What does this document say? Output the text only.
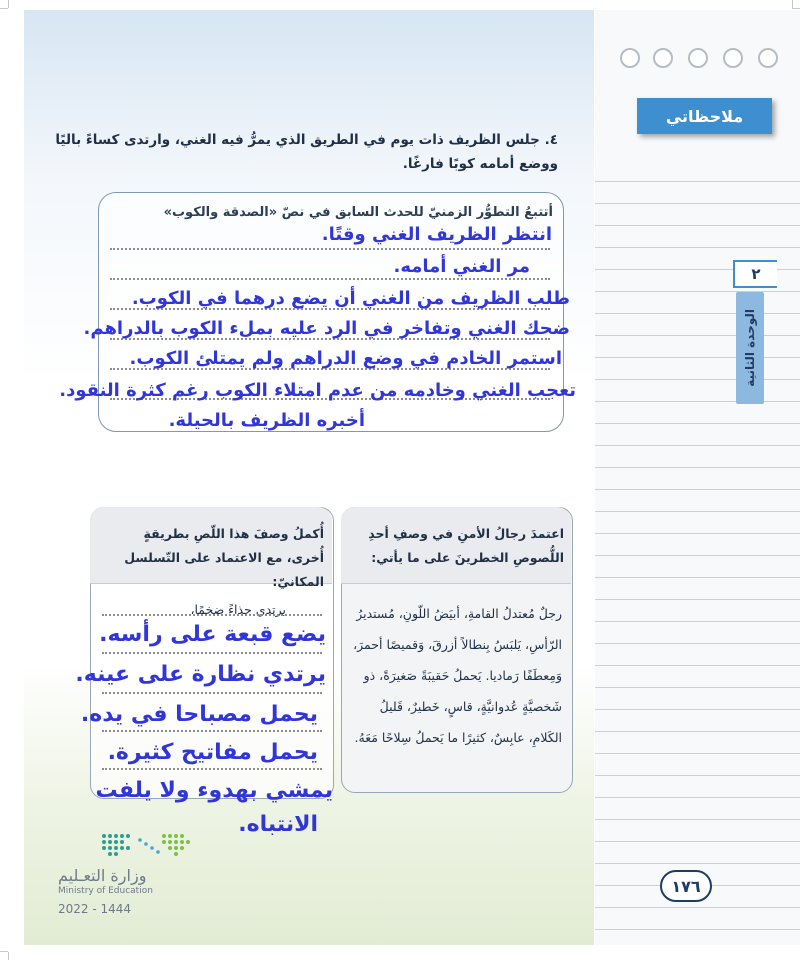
ملاحظاتي
٢
الوحدة الثانية
٤. جلس الظريف ذات يوم في الطريق الذي يمرُّ فيه الغني، وارتدى كساءً باليًا ووضع أمامه كوبًا فارغًا.
أتتبعُ التطوُّر الزمنيّ للحدث السابق في نصّ «الصدقة والكوب»
انتظر الظريف الغني وقتًا.
مر الغني أمامه.
طلب الظريف من الغني أن يضع درهما في الكوب.
ضحك الغني وتفاخر في الرد عليه بملء الكوب بالدراهم.
استمر الخادم في وضع الدراهم ولم يمتلئ الكوب.
تعجب الغني وخادمه من عدم امتلاء الكوب رغم كثرة النقود.
أخبره الظريف بالحيلة.
اعتمدَ رجالُ الأمنِ في وصفِ أحدِ اللُّصوصِ الخطرينَ على ما يأتي:
رجلٌ مُعتدلُ القامةِ، أبيَضُ اللّونِ، مُستديرُ الرّأسِ، يَلبَسُ بِنطالاً أزرقَ، وَقميصًا أحمرَ، وَمِعطَفًا رَماديا. يَحملُ حَقيبَةً صَغيرَةً، ذو شَخصيَّةٍ عُدوانيَّةٍ، قاسٍ، خَطيرٌ، قَليلُ الكَلامِ، عابِسٌ، كثيرًا ما يَحملُ سِلاحًا مَعَهُ.
أُكملُ وصفَ هذا اللّصِ بطريقةٍ أُخرى، مع الاعتماد على التّسلسل المكانيّ:
يرتدي حذاءً ضخمًا،
يضع قبعة على رأسه.
يرتدي نظارة على عينه.
يحمل مصباحا في يده.
يحمل مفاتيح كثيرة.
يمشي بهدوء ولا يلفت
الانتباه.
وزارة التعـليم
Ministry of Education
2022 - 1444
١٧٦
